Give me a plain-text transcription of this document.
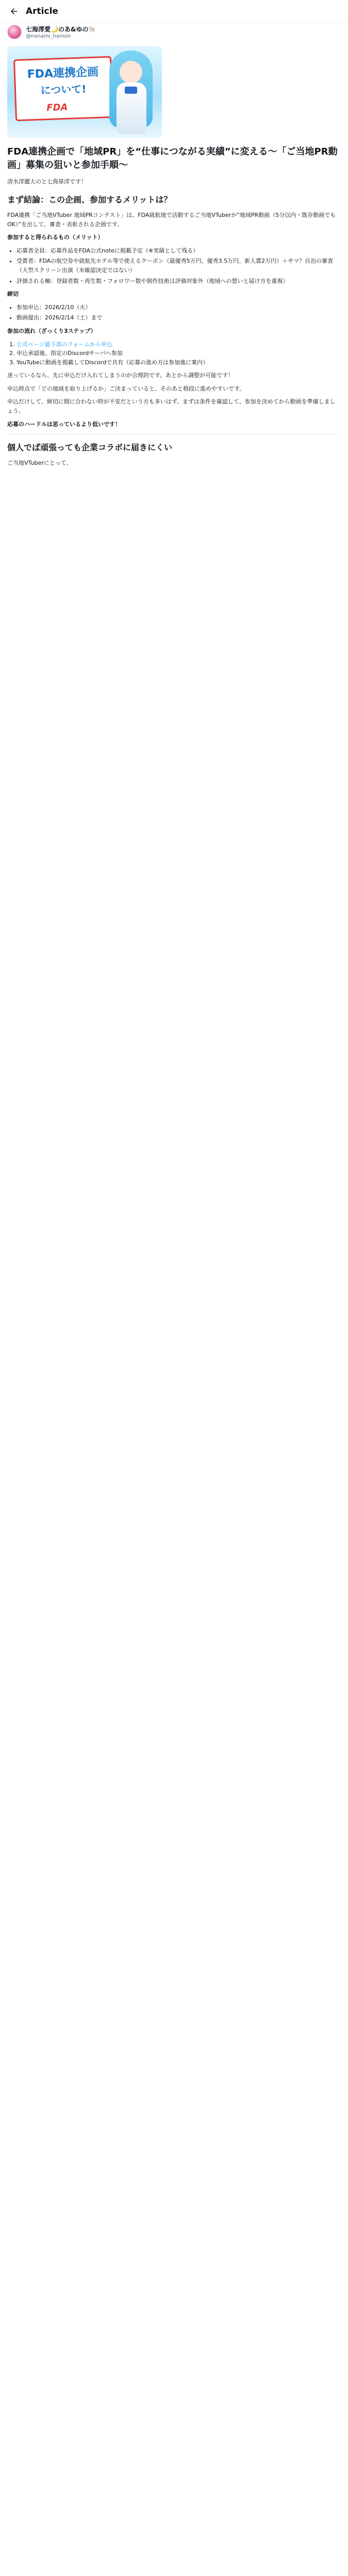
Article
七海澪愛🌙のあ&ゆの🐚
@nanami_hamon
FDA連携企画
について!
FDA
FDA連携企画で「地域PR」を“仕事につながる実績”に変える〜「ご当地PR動画」募集の狙いと参加手順〜
清水澪麗大のと七海皐澪です！
まず結論：この企画、参加するメリットは？
FDA連携「ご当地VTuber 地域PRコンテスト」は、FDA就航地で活動するご当地VTuberが“地域PR動画（5分以内・既存動画でもOK）”を出して、審査・表彰される企画です。
参加すると得られるもの（メリット）
• 応募者全員：応募作品をFDA公式noteに掲載予定（※実績として残る）
• 受賞者：FDAの航空券や就航先ホテル等で使えるクーポン（最優秀5万円、優秀3.5万円、新人賞2万円）＋サマ？自治の審査（大型スクリーン出演（未確認決定ではない）
• 評価される軸：登録者数・再生数・フォロワー数や制作技術は評価対象外（地域への想いと届け方を重視）
締切
• 参加申込：2026/2/10（火）
• 動画提出：2026/2/14（土）まで
参加の流れ（ざっくり3ステップ）
1. 公式ページ最下部のフォームから申込
2. 申込承認後、指定のDiscordサーバへ参加
3. YouTubeに動画を掲載してDiscordで共有（応募の進め方は参加後に案内）
迷っているなら、先に申込だけ入れてしまうのが合理的です。あとから調整が可能です！
申込時点で「どの地域を取り上げるか」ご決まっていると、そのあと格段に進めやすいです。
申込だけして、締切に間に合わない時が不安だという方も多いはず。まずは条件を確認して、参加を決めてから動画を準備しましょう。
応募のハードルは思っているより低いです！
個人でば頑張っても企業コラボに届きにくい
ご当地VTuberにとって、
